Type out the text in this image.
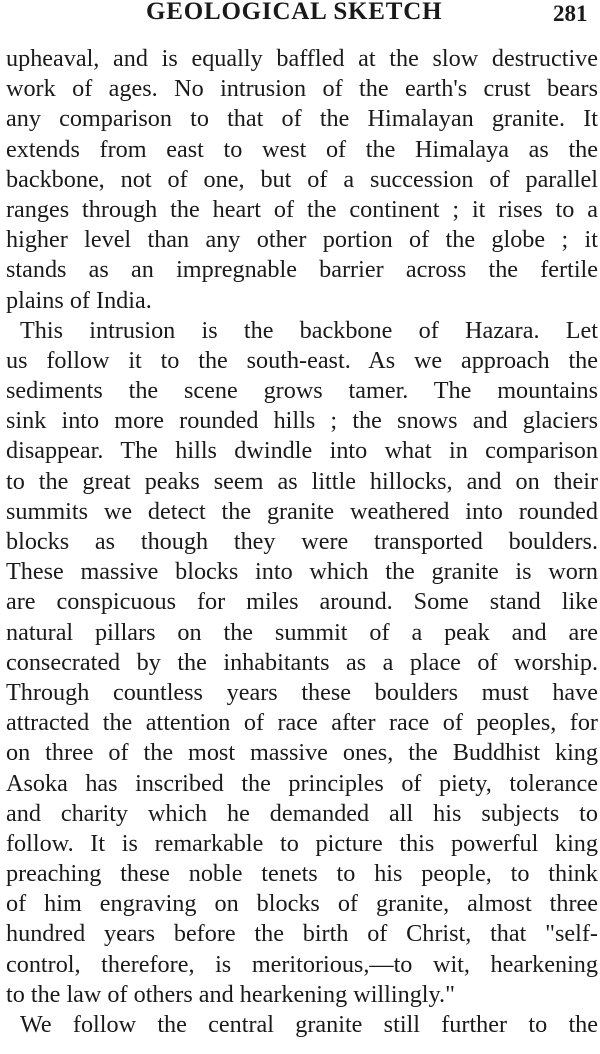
GEOLOGICAL SKETCH	281
upheaval, and is equally baffled at the slow destructive
work of ages. No intrusion of the earth's crust bears
any comparison to that of the Himalayan granite. It
extends from east to west of the Himalaya as the
backbone, not of one, but of a succession of parallel
ranges through the heart of the continent ; it rises to a
higher level than any other portion of the globe ; it
stands as an impregnable barrier across the fertile
plains of India.
This intrusion is the backbone of Hazara. Let
us follow it to the south-east. As we approach the
sediments the scene grows tamer. The mountains
sink into more rounded hills ; the snows and glaciers
disappear. The hills dwindle into what in comparison
to the great peaks seem as little hillocks, and on their
summits we detect the granite weathered into rounded
blocks as though they were transported boulders.
These massive blocks into which the granite is worn
are conspicuous for miles around. Some stand like
natural pillars on the summit of a peak and are
consecrated by the inhabitants as a place of worship.
Through countless years these boulders must have
attracted the attention of race after race of peoples, for
on three of the most massive ones, the Buddhist king
Asoka has inscribed the principles of piety, tolerance
and charity which he demanded all his subjects to
follow. It is remarkable to picture this powerful king
preaching these noble tenets to his people, to think
of him engraving on blocks of granite, almost three
hundred years before the birth of Christ, that "self-
control, therefore, is meritorious,—to wit, hearkening
to the law of others and hearkening willingly."
We follow the central granite still further to the
